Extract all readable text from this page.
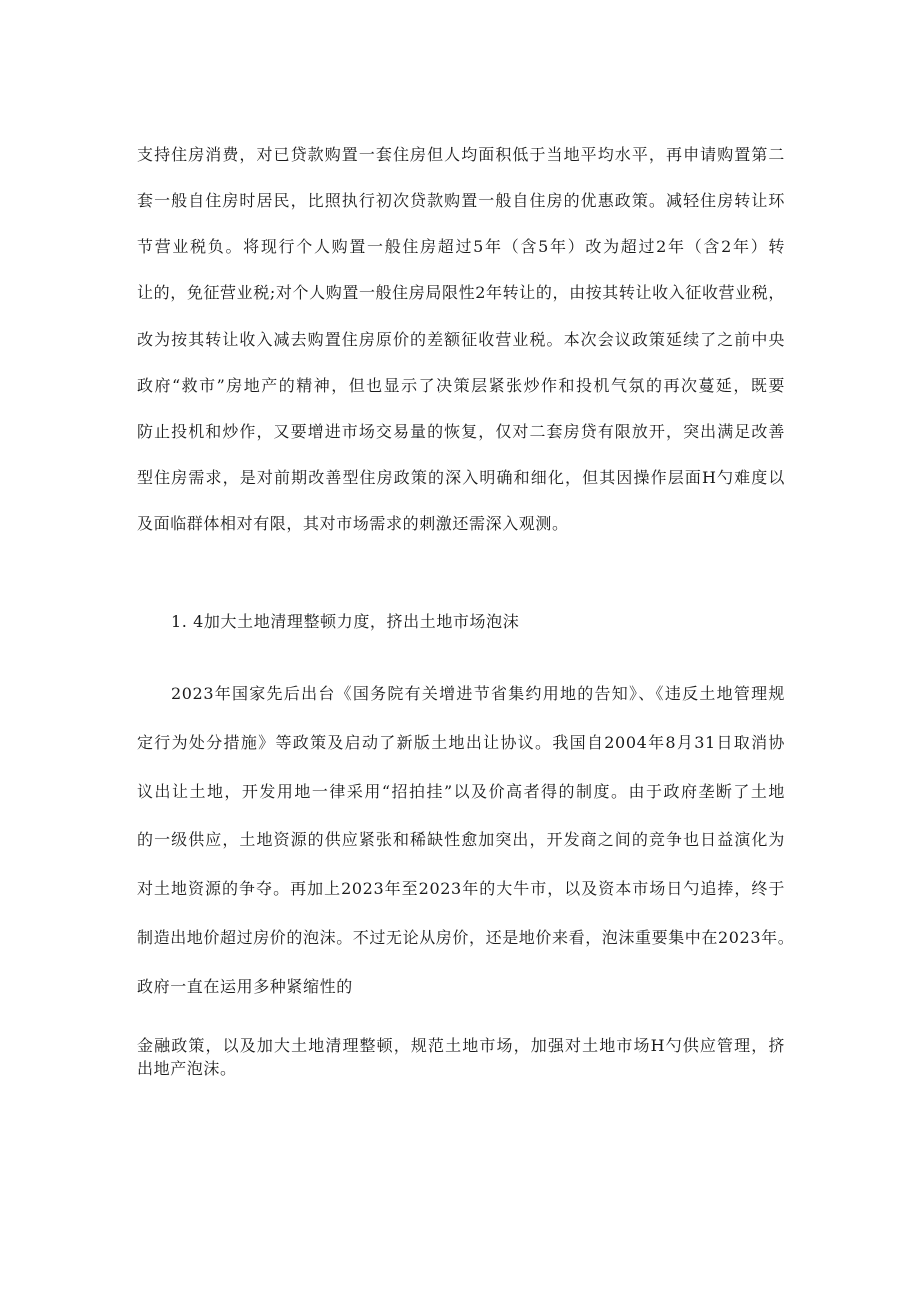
支持住房消费，对已贷款购置一套住房但人均面积低于当地平均水平，再申请购置第二
套一般自住房时居民，比照执行初次贷款购置一般自住房的优惠政策。减轻住房转让环
节营业税负。将现行个人购置一般住房超过5年（含5年）改为超过2年（含2年）转
让的，免征营业税;对个人购置一般住房局限性2年转让的，由按其转让收入征收营业税，
改为按其转让收入减去购置住房原价的差额征收营业税。本次会议政策延续了之前中央
政府“救市”房地产的精神，但也显示了决策层紧张炒作和投机气氛的再次蔓延，既要
防止投机和炒作，又要增进市场交易量的恢复，仅对二套房贷有限放开，突出满足改善
型住房需求，是对前期改善型住房政策的深入明确和细化，但其因操作层面H勺难度以
及面临群体相对有限，其对市场需求的刺激还需深入观测。
1. 4加大土地清理整顿力度，挤出土地市场泡沫
2023年国家先后出台《国务院有关增进节省集约用地的告知》、《违反土地管理规
定行为处分措施》等政策及启动了新版土地出让协议。我国自2004年8月31日取消协
议出让土地，开发用地一律采用“招拍挂”以及价高者得的制度。由于政府垄断了土地
的一级供应，土地资源的供应紧张和稀缺性愈加突出，开发商之间的竞争也日益演化为
对土地资源的争夺。再加上2023年至2023年的大牛市，以及资本市场日勺追捧，终于
制造出地价超过房价的泡沫。不过无论从房价，还是地价来看，泡沫重要集中在2023年。
政府一直在运用多种紧缩性的
金融政策，以及加大土地清理整顿，规范土地市场，加强对土地市场H勺供应管理，挤
出地产泡沫。
